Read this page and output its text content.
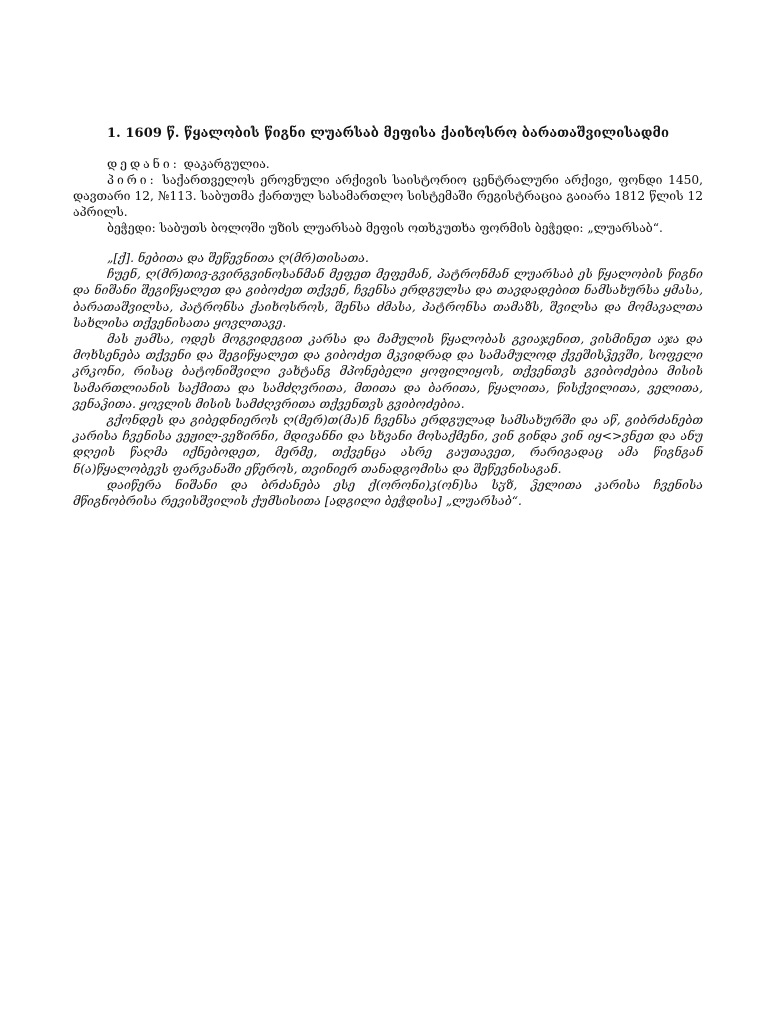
1. 1609 წ. წყალობის წიგნი ლუარსაბ მეფისა ქაიხოსრო ბარათაშვილისადმი

დედანი: დაკარგულია.

პირი: საქართველოს ეროვნული არქივის საისტორიო ცენტრალური არქივი, ფონდი 1450, დავთარი 12, №113. საბუთმა ქართულ სასამართლო სისტემაში რეგისტრაცია გაიარა 1812 წლის 12 აპრილს.

ბეჭედი: საბუთს ბოლოში უზის ლუარსაბ მეფის ოთხკუთხა ფორმის ბეჭედი: „ლუარსაბ“.

„[ქ]. ნებითა და შეწევნითა ღ(მრ)თისათა.

ჩუენ, ღ(მრ)თივ-გვირგვინოსანმან მეფეთ მეფემან, პატრონმან ლუარსაბ ეს წყალობის წიგნი და ნიშანი შეგიწყალეთ და გიბოძეთ თქვენ, ჩვენსა ერდგულსა და თავდადებით ნამსახურსა ყმასა, ბარათაშვილსა, პატრონსა ქაიხოსროს, შენსა ძმასა, პატრონსა თამაზს, შვილსა და მომავალთა სახლისა თქვენისათა ყოვლთავე.

მას ჟამსა, ოდეს მოგვიდეგით კარსა და მამულის წყალობას გვიაჯენით, ვისმინეთ აჯა და მოხსენება თქვენი და შეგიწყალეთ და გიბოძეთ მკვიდრად და სამამულოდ ქვეშისჴევში, სოფელი კრკონი, რისაც ბატონიშვილი ვახტანგ მპონებელი ყოფილიყოს, თქვენთვს გვიბოძებია მისის სამართლიანის საქმითა და სამძღვრითა, მთითა და ბარითა, წყალითა, წისქვილითა, ველითა, ვენაჴითა. ყოვლის მისის სამძღვრითა თქვენთვს გვიბოძებია.

გქონდეს და გიბედნიეროს ღ(მერ)თ(მა)ნ ჩვენსა ერდგულად სამსახურში და აწ, გიბრძანებთ კარისა ჩვენისა ვეჟილ-ვეზირნი, მდივანნი და სხვანი მოსაქმენი, ვინ გინდა ვინ იყ<>ვნეთ და ანუ დღეის წაღმა იქნებოდეთ, მერმე, თქვენცა ასრე გაუთავეთ, რარიგადაც ამა წიგნგან ნ(ა)წყალობევს ფარვანაში ეწეროს, თვინიერ თანადგომისა და შეწევნისაგან.

დაიწერა ნიშანი და ბრძანება ესე ქ(ორონი)კ(ონ)სა სჳზ, ჴელითა კარისა ჩვენისა მწიგნობრისა რევისშვილის ქუმსისითა [ადგილი ბეჭდისა] „ლუარსაბ“.
